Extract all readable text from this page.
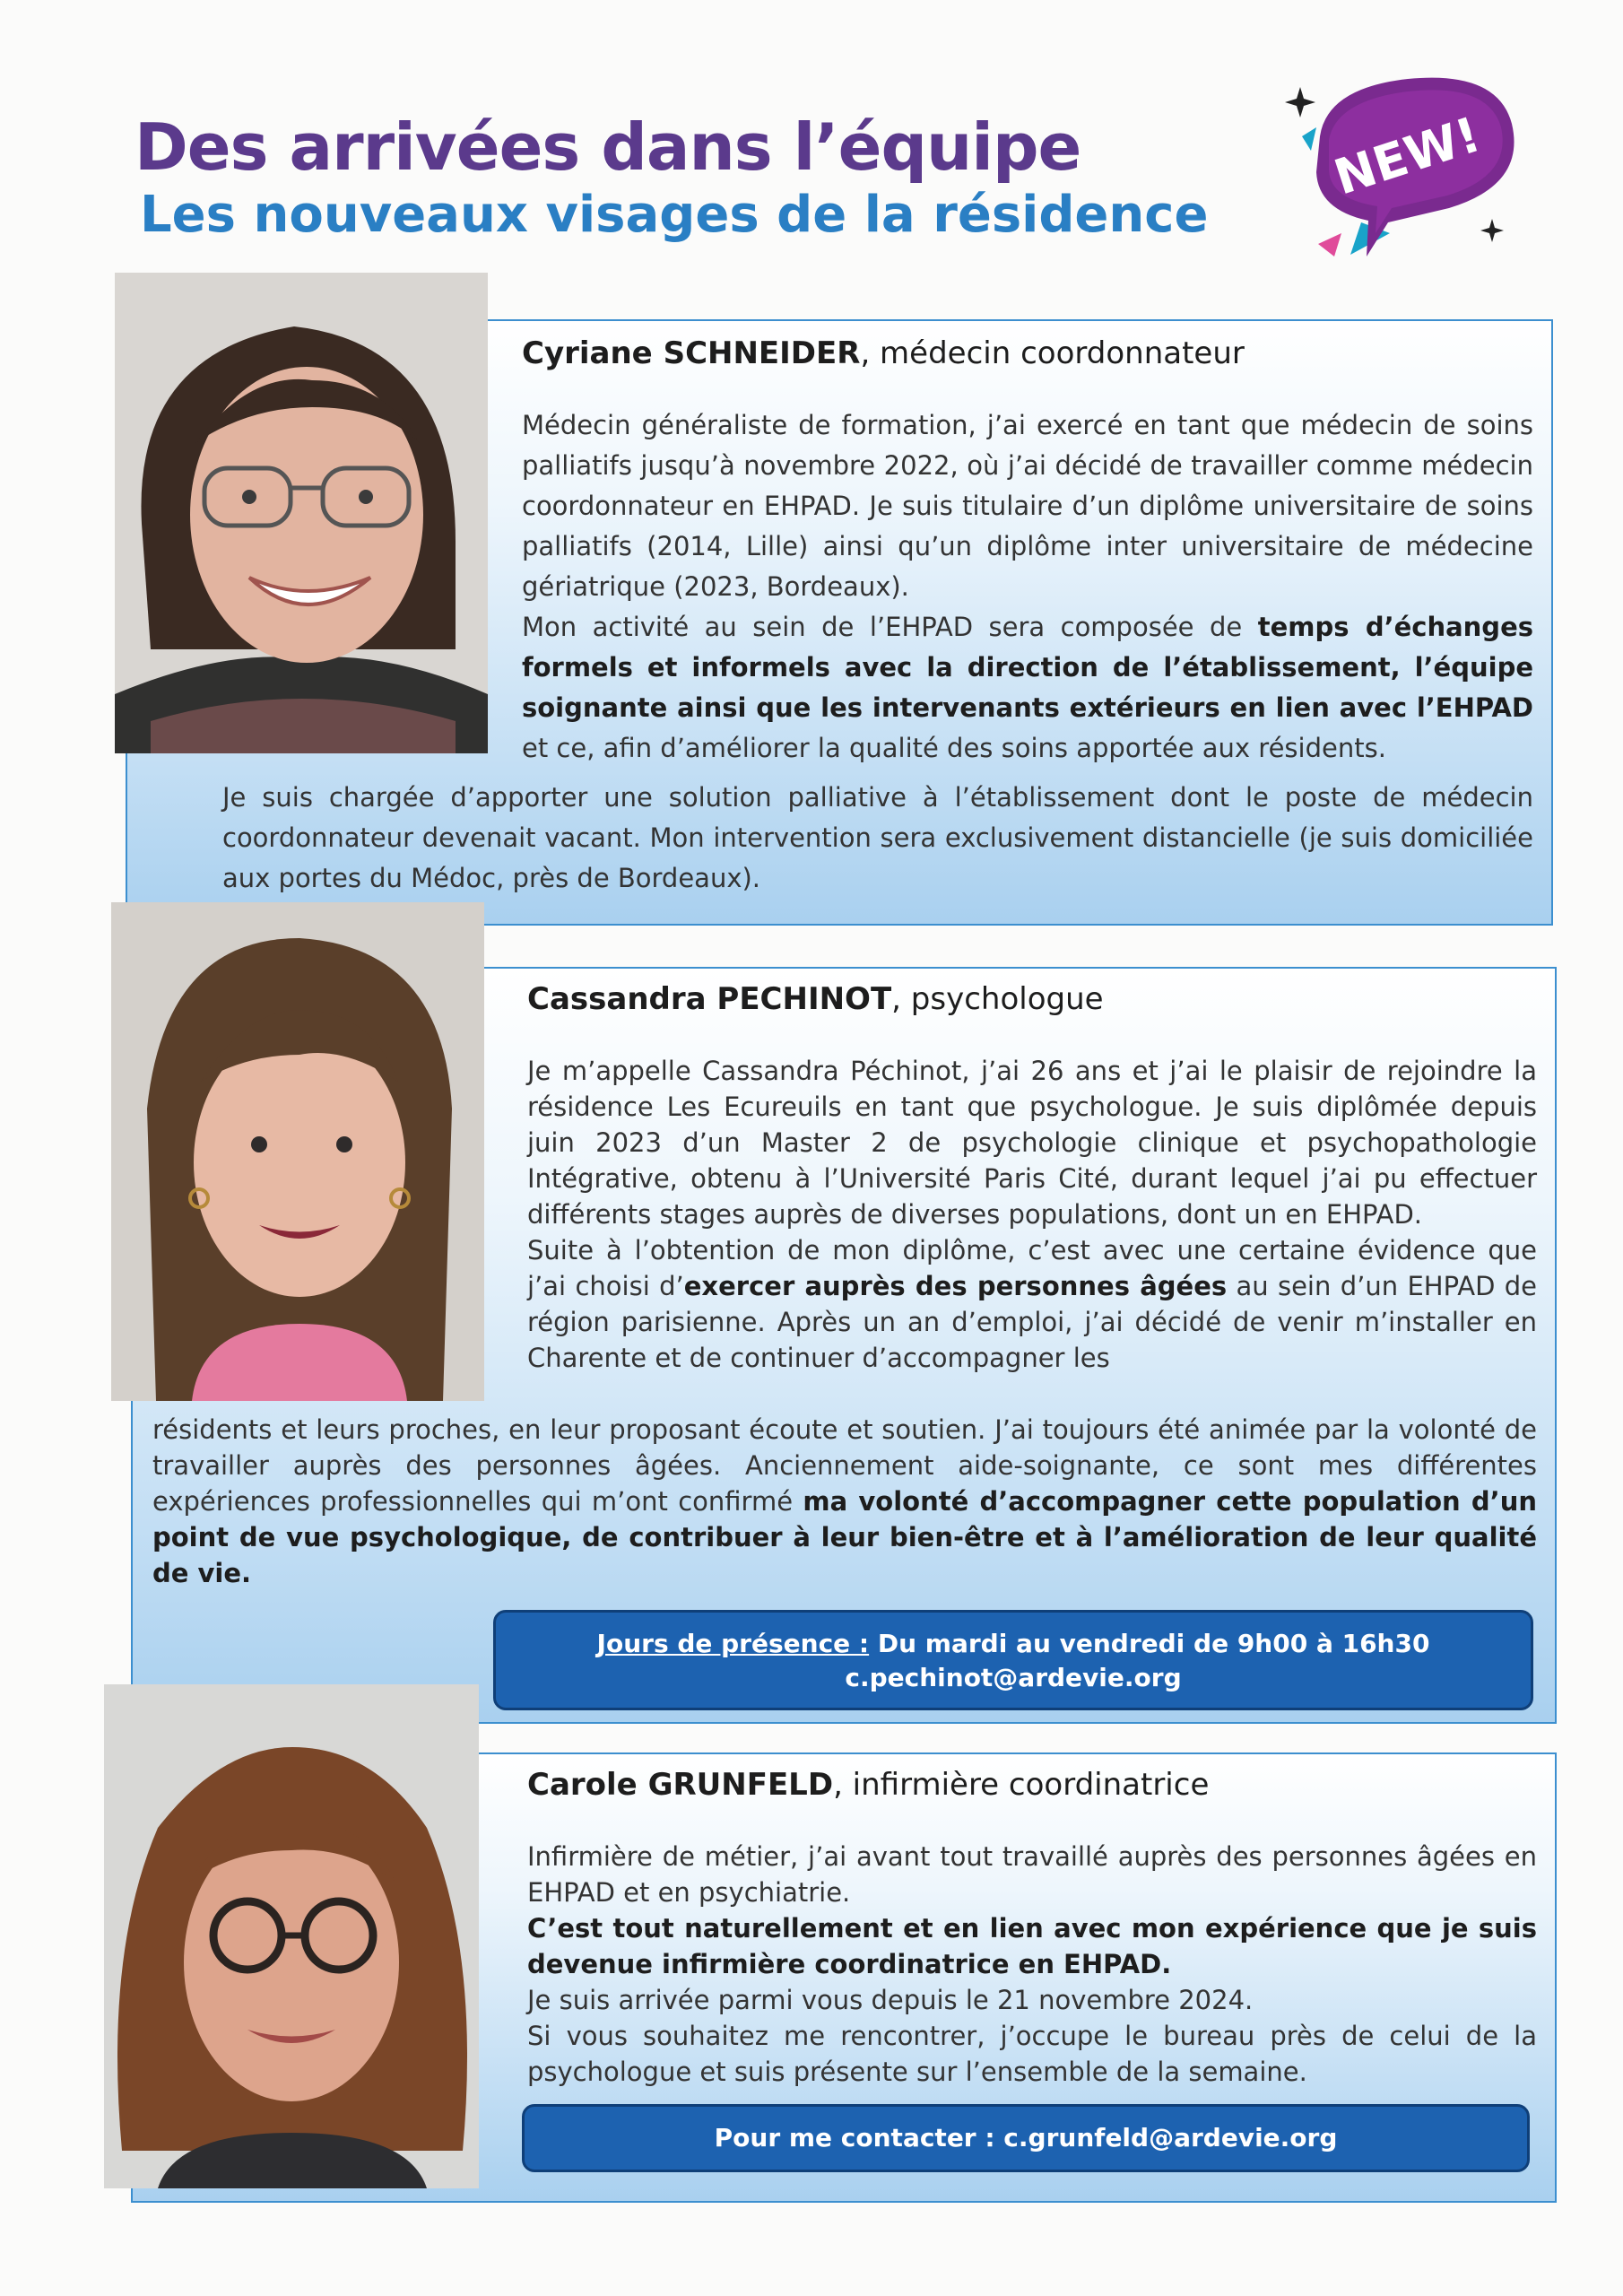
Des arrivées dans l’équipe
Les nouveaux visages de la résidence
NEW!
Cyriane SCHNEIDER, médecin coordonnateur

Médecin généraliste de formation, j’ai exercé en tant que médecin de soins palliatifs jusqu’à novembre 2022, où j’ai décidé de travailler comme médecin coordonnateur en EHPAD. Je suis titulaire d’un diplôme universitaire de soins palliatifs (2014, Lille) ainsi qu’un diplôme inter universitaire de médecine gériatrique (2023, Bordeaux).
Mon activité au sein de l’EHPAD sera composée de temps d’échanges formels et informels avec la direction de l’établissement, l’équipe soignante ainsi que les intervenants extérieurs en lien avec l’EHPAD et ce, afin d’améliorer la qualité des soins apportée aux résidents.

Je suis chargée d’apporter une solution palliative à l’établissement dont le poste de médecin coordonnateur devenait vacant. Mon intervention sera exclusivement distancielle (je suis domiciliée aux portes du Médoc, près de Bordeaux).

Cassandra PECHINOT, psychologue

Je m’appelle Cassandra Péchinot, j’ai 26 ans et j’ai le plaisir de rejoindre la résidence Les Ecureuils en tant que psychologue. Je suis diplômée depuis juin 2023 d’un Master 2 de psychologie clinique et psychopathologie Intégrative, obtenu à l’Université Paris Cité, durant lequel j’ai pu effectuer différents stages auprès de diverses populations, dont un en EHPAD.
Suite à l’obtention de mon diplôme, c’est avec une certaine évidence que j’ai choisi d’exercer auprès des personnes âgées au sein d’un EHPAD de région parisienne. Après un an d’emploi, j’ai décidé de venir m’installer en Charente et de continuer d’accompagner les

résidents et leurs proches, en leur proposant écoute et soutien. J’ai toujours été animée par la volonté de travailler auprès des personnes âgées. Anciennement aide-soignante, ce sont mes différentes expériences professionnelles qui m’ont confirmé ma volonté d’accompagner cette population d’un point de vue psychologique, de contribuer à leur bien-être et à l’amélioration de leur qualité de vie.

Jours de présence : Du mardi au vendredi de 9h00 à 16h30
c.pechinot@ardevie.org
Carole GRUNFELD, infirmière coordinatrice

Infirmière de métier, j’ai avant tout travaillé auprès des personnes âgées en EHPAD et en psychiatrie.
C’est tout naturellement et en lien avec mon expérience que je suis devenue infirmière coordinatrice en EHPAD.
Je suis arrivée parmi vous depuis le 21 novembre 2024.
Si vous souhaitez me rencontrer, j’occupe le bureau près de celui de la psychologue et suis présente sur l’ensemble de la semaine.

Pour me contacter : c.grunfeld@ardevie.org
